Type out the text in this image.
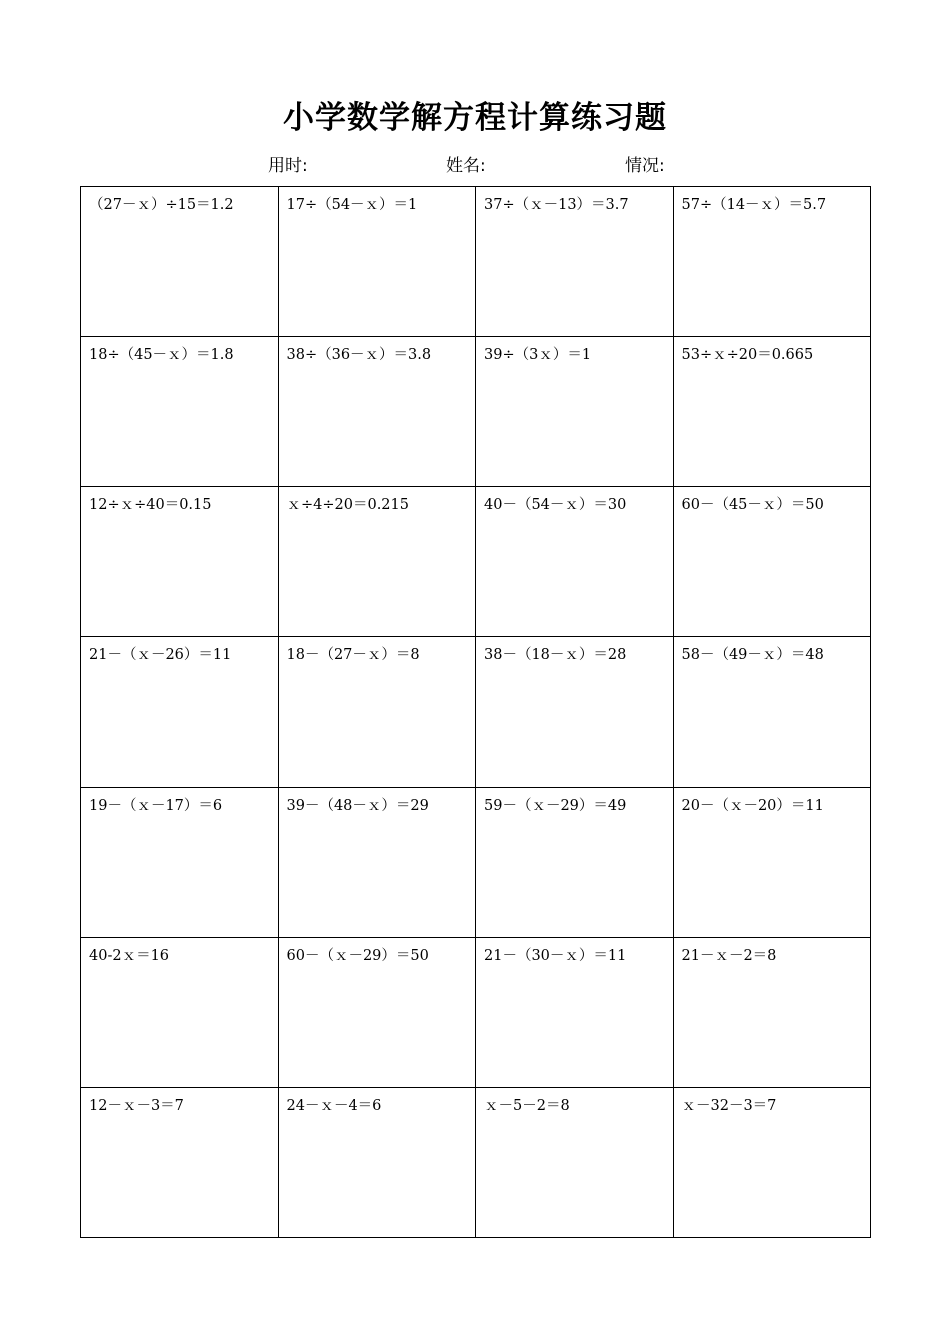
小学数学解方程计算练习题
用时:	姓名:	情况:
（27－ｘ）÷15＝1.2	17÷（54－ｘ）＝1	37÷（ｘ－13）＝3.7	57÷（14－ｘ）＝5.7
18÷（45－ｘ）＝1.8	38÷（36－ｘ）＝3.8	39÷（3ｘ）＝1	53÷ｘ÷20＝0.665
12÷ｘ÷40＝0.15	ｘ÷4÷20＝0.215	40－（54－ｘ）＝30	60－（45－ｘ）＝50
21－（ｘ－26）＝11	18－（27－ｘ）＝8	38－（18－ｘ）＝28	58－（49－ｘ）＝48
19－（ｘ－17）＝6	39－（48－ｘ）＝29	59－（ｘ－29）＝49	20－（ｘ－20）＝11
40-2ｘ＝16	60－（ｘ－29）＝50	21－（30－ｘ）＝11	21－ｘ－2＝8
12－ｘ－3＝7	24－ｘ－4＝6	ｘ－5－2＝8	ｘ－32－3＝7
